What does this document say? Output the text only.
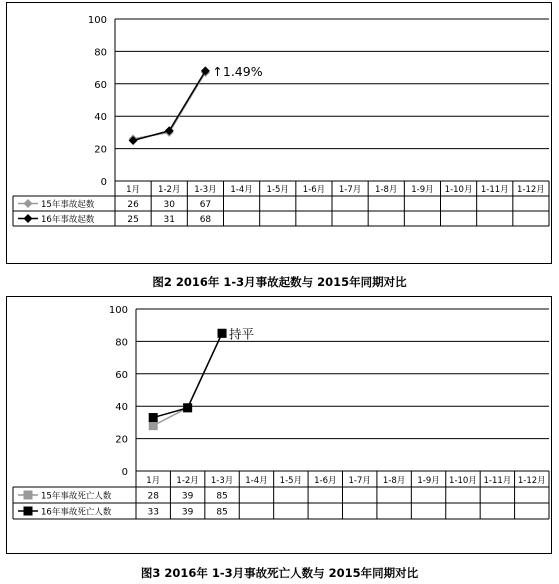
0
20
40
60
80
100
1月 1-2月 1-3月 1-4月 1-5月 1-6月 1-7月 1-8月 1-9月 1-10月 1-11月 1-12月
15年事故起数	26	30	67
16年事故起数	25	31	68
↑1.49%
图2 2016年 1-3月事故起数与 2015年同期对比
0
20
40
60
80
100
1月 1-2月 1-3月 1-4月 1-5月 1-6月 1-7月 1-8月 1-9月 1-10月 1-11月 1-12月
15年事故死亡人数	28	39	85
16年事故死亡人数	33	39	85
持平
图3 2016年 1-3月事故死亡人数与 2015年同期对比
